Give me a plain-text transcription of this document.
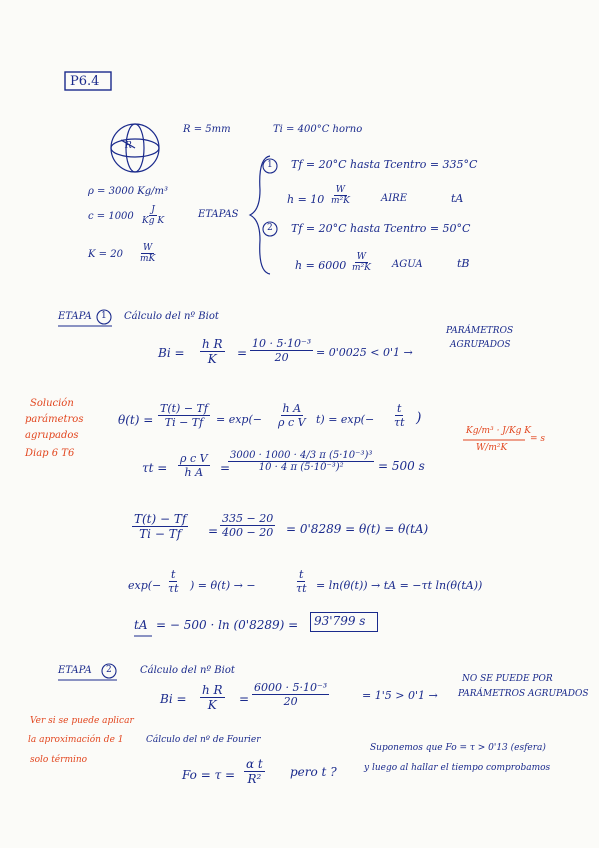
P6.4
R
R = 5mm	Ti = 400°C horno
ρ = 3000 Kg/m³
$c = 1000 \frac{J}{\text{Kg K}}$
$K = 20 \frac{W}{mK}$
ETAPAS
1 Tf = 20°C hasta Tcentro = 335°C
$h = 10 \frac{W}{\text{m²K}}$	AIRE	tA
2 Tf = 20°C hasta Tcentro = 50°C
$h = 6000 \frac{W}{\text{m²K}}$ AGUA	tB
ETAPA 1 Cálculo del nº Biot
$Bi = \frac{\text{h R}}{K} = \frac{\text{10 · 5·10⁻³}}{20} = 0'0025 < 0'1$ →
PARÁMETROS
AGRUPADOS
Solución
parámetros
agrupados
Diap 6 T6
$\theta(t) = \frac{T(t) - Tf}{Ti - Tf} = \exp(- \frac{\text{h A}}{\text{ρ c V}} t) = \exp(- \frac{t}{\tau t}$ )
Kg/m³ · J/Kg K
W/m²K
= s
$\tau t = \frac{\text{ρ c V}}{\text{h A}}$ =
$\frac{\text{3000 · 1000 · 4/3 π (5·10⁻³)³}}{\text{10 · 4 π (5·10⁻³)²}} = 500$ s
$\frac{T(t) - Tf}{Ti - Tf} = \frac{335 - 20}{400 - 20} = 0'8289 = \theta(t) = \theta(tA)$
$\exp(- \frac{t}{\tau t}$ ) = θ(t) → −	$\frac{t}{\tau t} = \ln(\theta(t))$ → tA = −τt ln(θ(tA))
tA = − 500 · ln (0'8289) = 93'799 s
ETAPA 2	Cálculo del nº Biot
$Bi = \frac{\text{h R}}{K} = \frac{\text{6000 · 5·10⁻³}}{20}$	= 1'5 > 0'1 →
NO SE PUEDE POR
PARÁMETROS AGRUPADOS
Ver si se puede aplicar
la aproximación de 1
solo término
Cálculo del nº de Fourier
$Fo = \tau = \frac{\text{α t}}{\text{R²}}$ pero t ?
Suponemos que Fo = τ > 0'13 (esfera)
y luego al hallar el tiempo comprobamos
